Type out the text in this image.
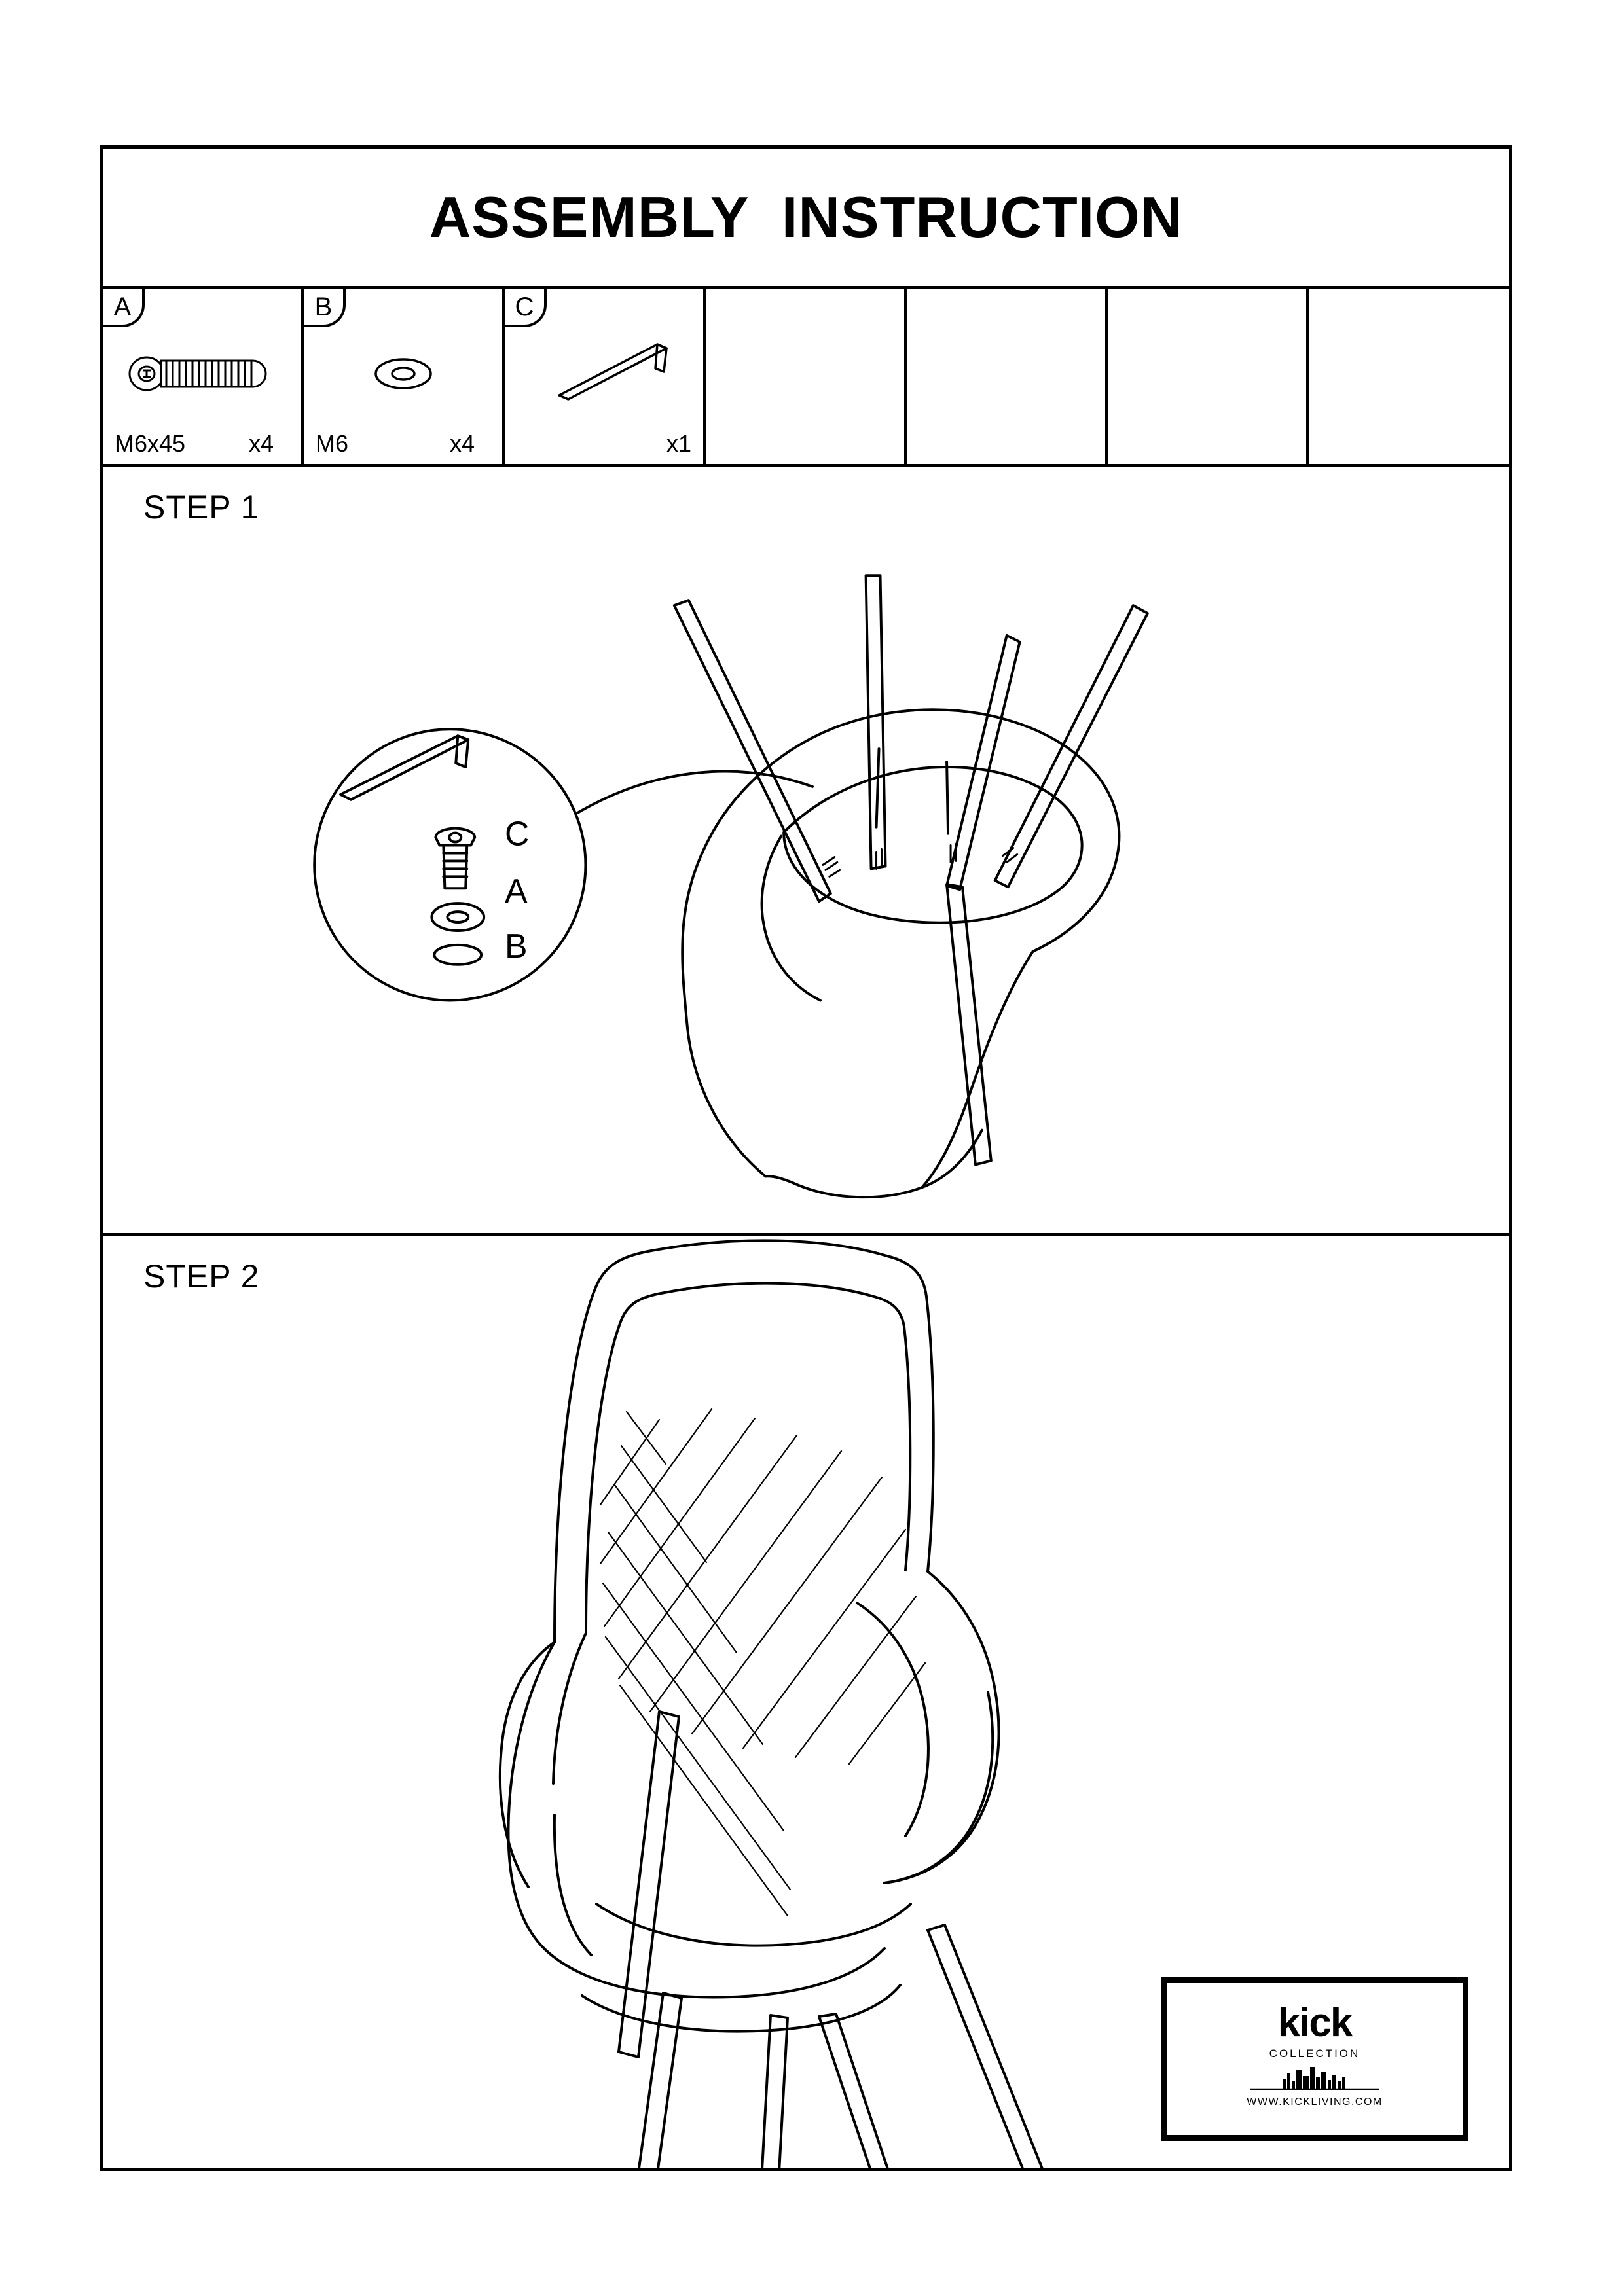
ASSEMBLY  INSTRUCTION
A
M6x45	x4
B
M6	x4
C
x1
STEP 1
C
A
B
STEP 2
kick
COLLECTION
WWW.KICKLIVING.COM
